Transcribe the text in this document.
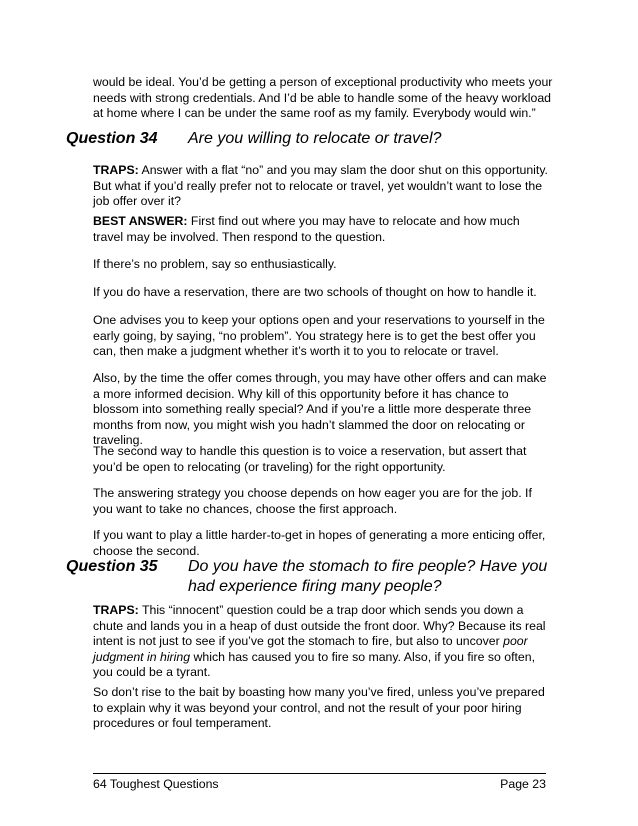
would be ideal. You’d be getting a person of exceptional productivity who meets your needs with strong credentials. And I’d be able to handle some of the heavy workload at home where I can be under the same roof as my family. Everybody would win.”

Question 34 Are you willing to relocate or travel?

TRAPS: Answer with a flat “no” and you may slam the door shut on this opportunity. But what if you’d really prefer not to relocate or travel, yet wouldn’t want to lose the job offer over it?

BEST ANSWER: First find out where you may have to relocate and how much travel may be involved. Then respond to the question.

If there’s no problem, say so enthusiastically.

If you do have a reservation, there are two schools of thought on how to handle it.

One advises you to keep your options open and your reservations to yourself in the early going, by saying, “no problem”. You strategy here is to get the best offer you can, then make a judgment whether it’s worth it to you to relocate or travel.

Also, by the time the offer comes through, you may have other offers and can make a more informed decision. Why kill of this opportunity before it has chance to blossom into something really special? And if you’re a little more desperate three months from now, you might wish you hadn’t slammed the door on relocating or traveling.

The second way to handle this question is to voice a reservation, but assert that you’d be open to relocating (or traveling) for the right opportunity.

The answering strategy you choose depends on how eager you are for the job. If you want to take no chances, choose the first approach.

If you want to play a little harder-to-get in hopes of generating a more enticing offer, choose the second.

Question 35 Do you have the stomach to fire people? Have you had experience firing many people?

TRAPS: This “innocent” question could be a trap door which sends you down a chute and lands you in a heap of dust outside the front door. Why? Because its real intent is not just to see if you’ve got the stomach to fire, but also to uncover poor judgment in hiring which has caused you to fire so many. Also, if you fire so often, you could be a tyrant.

So don’t rise to the bait by boasting how many you’ve fired, unless you’ve prepared to explain why it was beyond your control, and not the result of your poor hiring procedures or foul temperament.

64 Toughest Questions	Page 23
